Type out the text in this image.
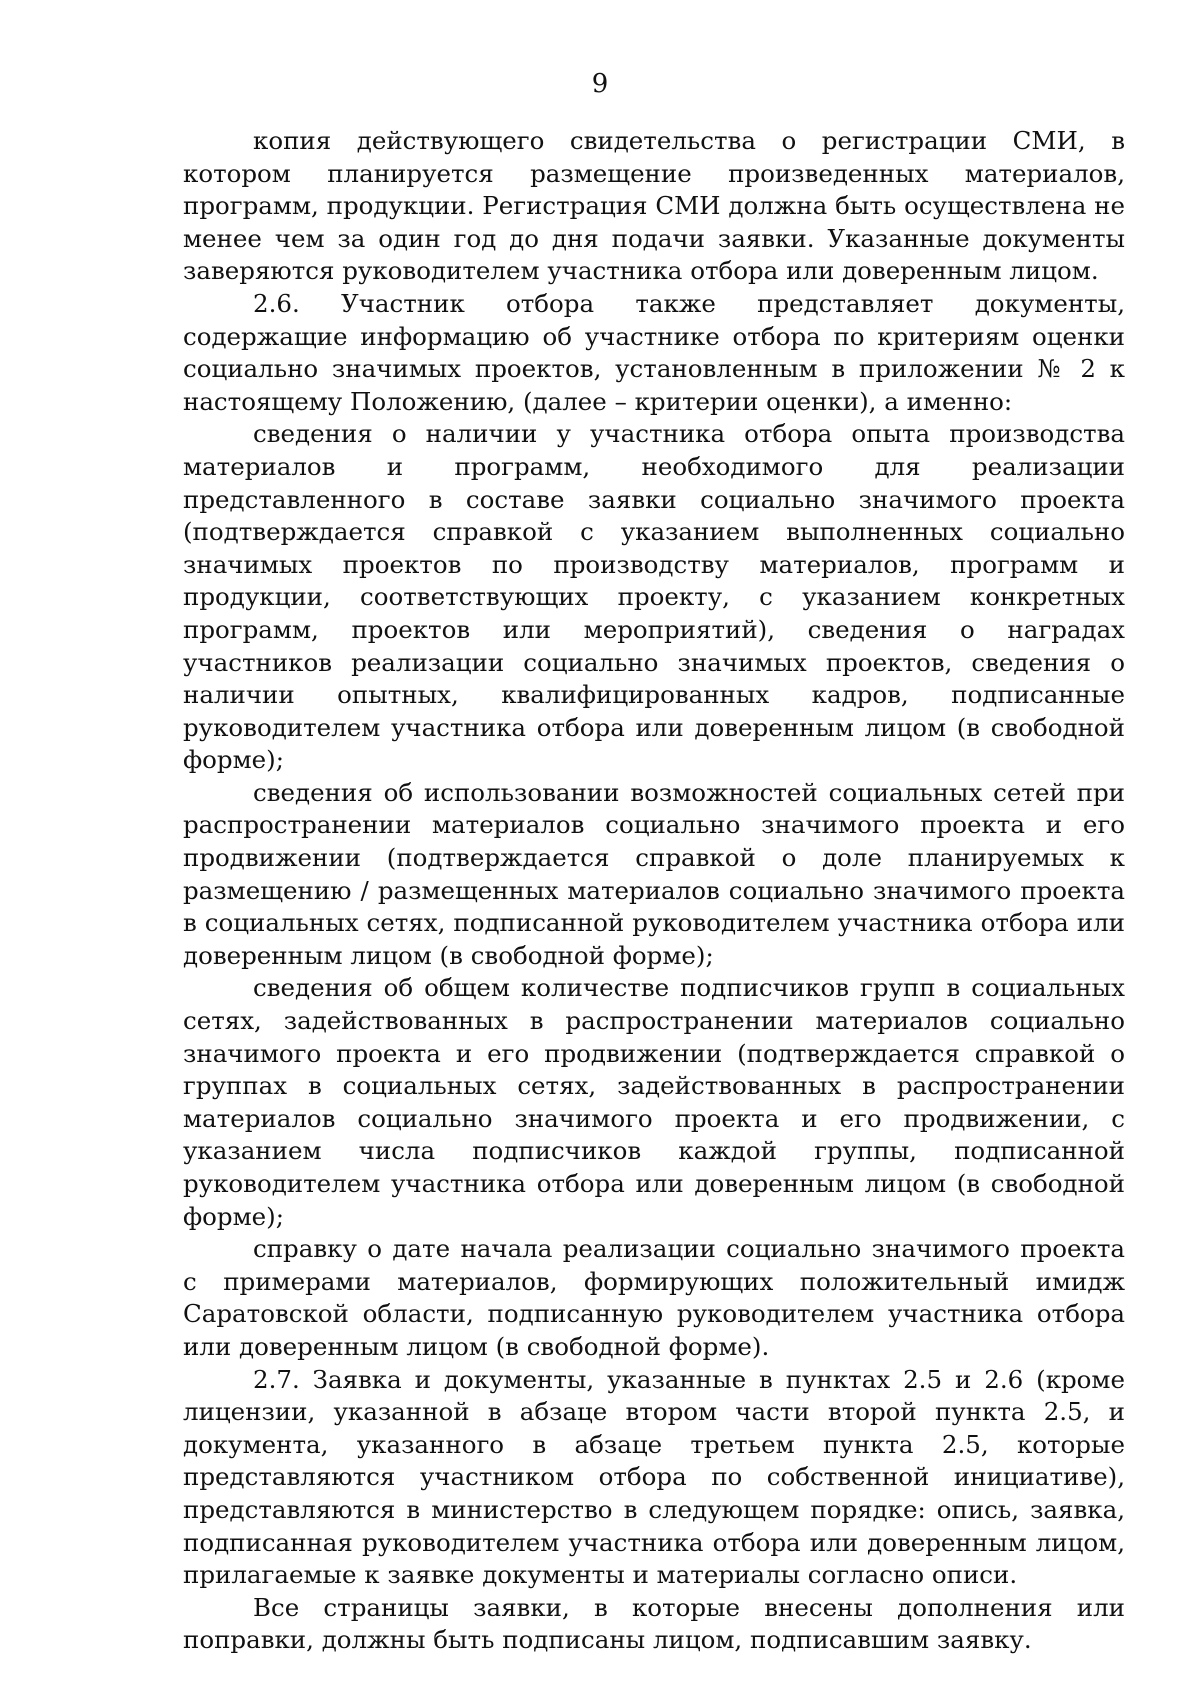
9

копия действующего свидетельства о регистрации СМИ, в котором планируется размещение произведенных материалов, программ, продукции. Регистрация СМИ должна быть осуществлена не менее чем за один год до дня подачи заявки. Указанные документы заверяются руководителем участника отбора или доверенным лицом.

2.6. Участник отбора также представляет документы, содержащие информацию об участнике отбора по критериям оценки социально значимых проектов, установленным в приложении № 2 к настоящему Положению, (далее – критерии оценки), а именно:

сведения о наличии у участника отбора опыта производства материалов и программ, необходимого для реализации представленного в составе заявки социально значимого проекта (подтверждается справкой с указанием выполненных социально значимых проектов по производству материалов, программ и продукции, соответствующих проекту, с указанием конкретных программ, проектов или мероприятий), сведения о наградах участников реализации социально значимых проектов, сведения о наличии опытных, квалифицированных кадров, подписанные руководителем участника отбора или доверенным лицом (в свободной форме);

сведения об использовании возможностей социальных сетей при распространении материалов социально значимого проекта и его продвижении (подтверждается справкой о доле планируемых к размещению / размещенных материалов социально значимого проекта в социальных сетях, подписанной руководителем участника отбора или доверенным лицом (в свободной форме);

сведения об общем количестве подписчиков групп в социальных сетях, задействованных в распространении материалов социально значимого проекта и его продвижении (подтверждается справкой о группах в социальных сетях, задействованных в распространении материалов социально значимого проекта и его продвижении, с указанием числа подписчиков каждой группы, подписанной руководителем участника отбора или доверенным лицом (в свободной форме);

справку о дате начала реализации социально значимого проекта с примерами материалов, формирующих положительный имидж Саратовской области, подписанную руководителем участника отбора или доверенным лицом (в свободной форме).

2.7. Заявка и документы, указанные в пунктах 2.5 и 2.6 (кроме лицензии, указанной в абзаце втором части второй пункта 2.5, и документа, указанного в абзаце третьем пункта 2.5, которые представляются участником отбора по собственной инициативе), представляются в министерство в следующем порядке: опись, заявка, подписанная руководителем участника отбора или доверенным лицом, прилагаемые к заявке документы и материалы согласно описи.

Все страницы заявки, в которые внесены дополнения или поправки, должны быть подписаны лицом, подписавшим заявку.
